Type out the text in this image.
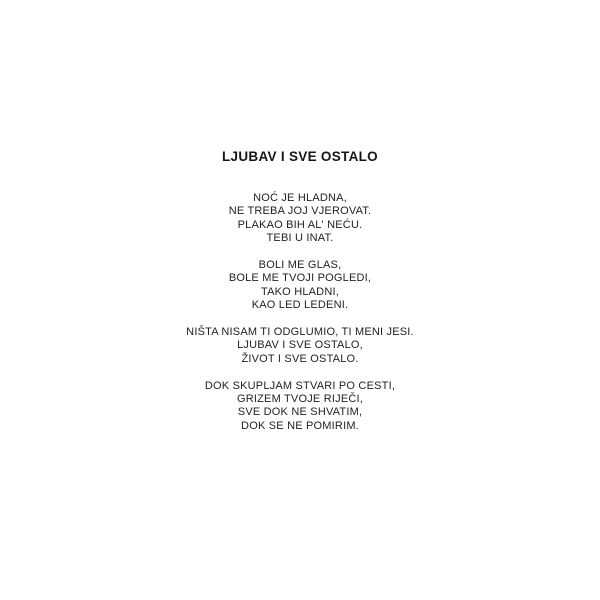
LJUBAV I SVE OSTALO
NOĆ JE HLADNA,
NE TREBA JOJ VJEROVAT.
PLAKAO BIH AL' NEĆU.
TEBI U INAT.
BOLI ME GLAS,
BOLE ME TVOJI POGLEDI,
TAKO HLADNI,
KAO LED LEDENI.
NIŠTA NISAM TI ODGLUMIO, TI MENI JESI.
LJUBAV I SVE OSTALO,
ŽIVOT I SVE OSTALO.
DOK SKUPLJAM STVARI PO CESTI,
GRIZEM TVOJE RIJEČI,
SVE DOK NE SHVATIM,
DOK SE NE POMIRIM.
